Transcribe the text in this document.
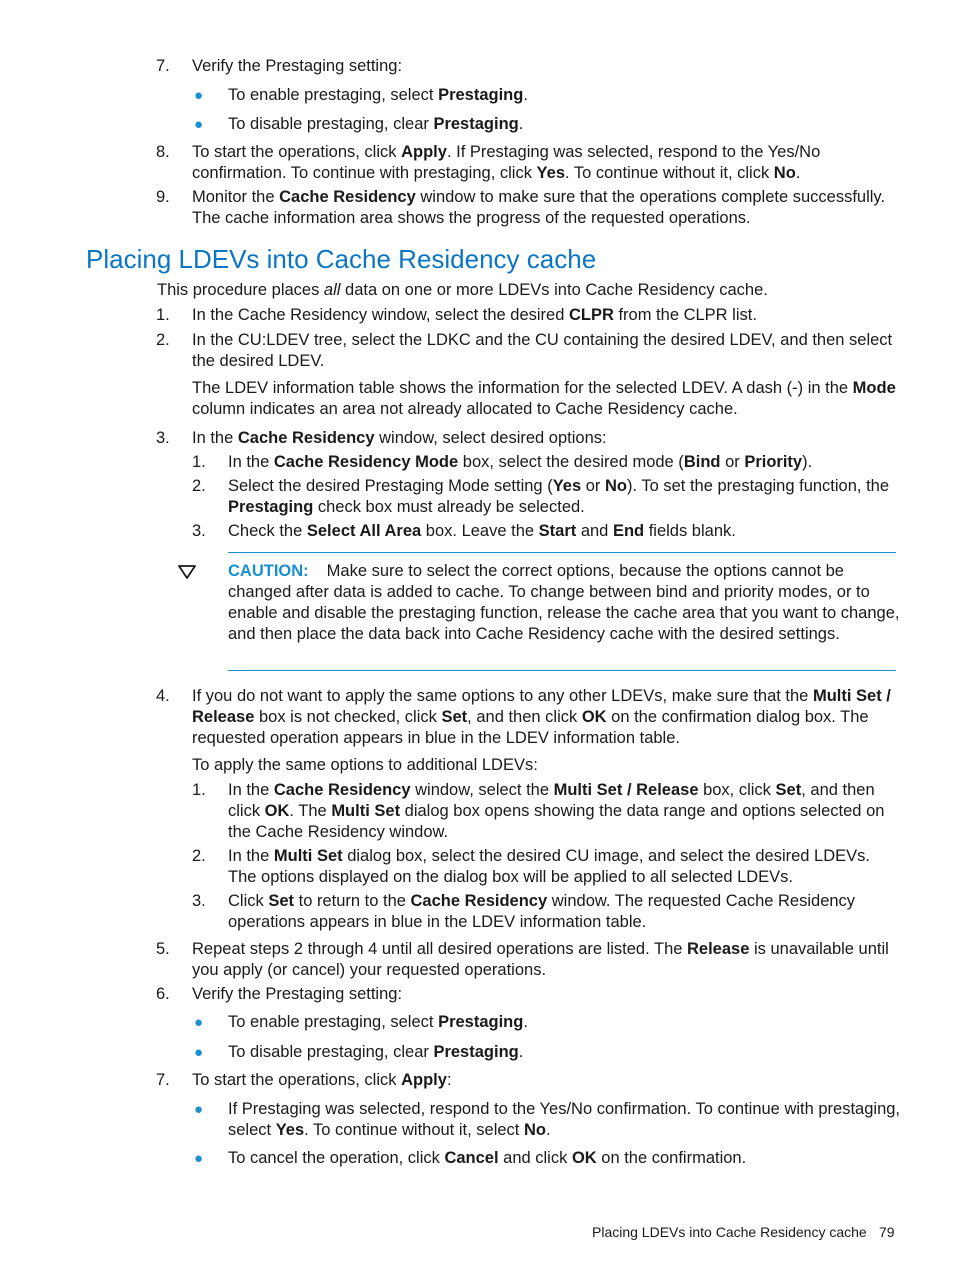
7. Verify the Prestaging setting:
● To enable prestaging, select Prestaging.
● To disable prestaging, clear Prestaging.
8. To start the operations, click Apply. If Prestaging was selected, respond to the Yes/No confirmation. To continue with prestaging, click Yes. To continue without it, click No.
9. Monitor the Cache Residency window to make sure that the operations complete successfully. The cache information area shows the progress of the requested operations.
Placing LDEVs into Cache Residency cache
This procedure places all data on one or more LDEVs into Cache Residency cache.
1. In the Cache Residency window, select the desired CLPR from the CLPR list.
2. In the CU:LDEV tree, select the LDKC and the CU containing the desired LDEV, and then select the desired LDEV.
The LDEV information table shows the information for the selected LDEV. A dash (-) in the Mode column indicates an area not already allocated to Cache Residency cache.
3. In the Cache Residency window, select desired options:
1. In the Cache Residency Mode box, select the desired mode (Bind or Priority).
2. Select the desired Prestaging Mode setting (Yes or No). To set the prestaging function, the Prestaging check box must already be selected.
3. Check the Select All Area box. Leave the Start and End fields blank.
CAUTION: Make sure to select the correct options, because the options cannot be changed after data is added to cache. To change between bind and priority modes, or to enable and disable the prestaging function, release the cache area that you want to change, and then place the data back into Cache Residency cache with the desired settings.
4. If you do not want to apply the same options to any other LDEVs, make sure that the Multi Set / Release box is not checked, click Set, and then click OK on the confirmation dialog box. The requested operation appears in blue in the LDEV information table.
To apply the same options to additional LDEVs:
1. In the Cache Residency window, select the Multi Set / Release box, click Set, and then click OK. The Multi Set dialog box opens showing the data range and options selected on the Cache Residency window.
2. In the Multi Set dialog box, select the desired CU image, and select the desired LDEVs. The options displayed on the dialog box will be applied to all selected LDEVs.
3. Click Set to return to the Cache Residency window. The requested Cache Residency operations appears in blue in the LDEV information table.
5. Repeat steps 2 through 4 until all desired operations are listed. The Release is unavailable until you apply (or cancel) your requested operations.
6. Verify the Prestaging setting:
● To enable prestaging, select Prestaging.
● To disable prestaging, clear Prestaging.
7. To start the operations, click Apply:
● If Prestaging was selected, respond to the Yes/No confirmation. To continue with prestaging, select Yes. To continue without it, select No.
● To cancel the operation, click Cancel and click OK on the confirmation.
Placing LDEVs into Cache Residency cache 79
